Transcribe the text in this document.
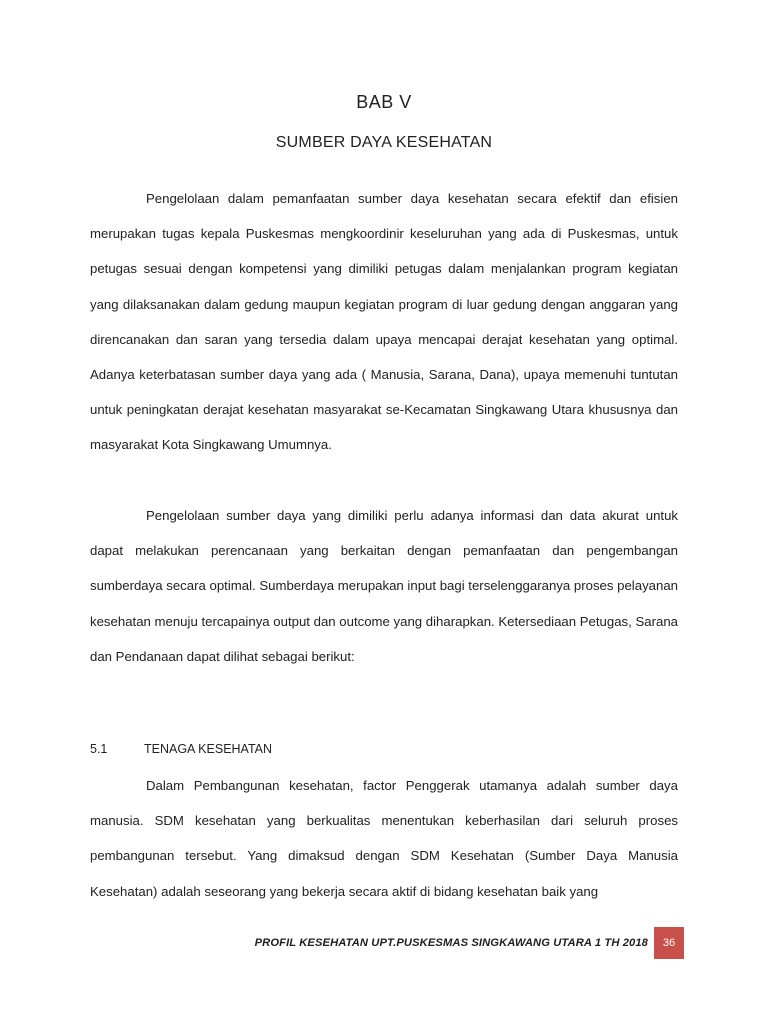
BAB V
SUMBER DAYA KESEHATAN

Pengelolaan dalam pemanfaatan sumber daya kesehatan secara efektif dan efisien merupakan tugas kepala Puskesmas mengkoordinir keseluruhan yang ada di Puskesmas, untuk petugas sesuai dengan kompetensi yang dimiliki petugas dalam menjalankan program kegiatan yang dilaksanakan dalam gedung maupun kegiatan program di luar gedung dengan anggaran yang direncanakan dan saran yang tersedia dalam upaya mencapai derajat kesehatan yang optimal. Adanya keterbatasan sumber daya yang ada ( Manusia, Sarana, Dana), upaya memenuhi tuntutan untuk peningkatan derajat kesehatan masyarakat se-Kecamatan Singkawang Utara khususnya dan masyarakat Kota Singkawang Umumnya.

Pengelolaan sumber daya yang dimiliki perlu adanya informasi dan data akurat untuk dapat melakukan perencanaan yang berkaitan dengan pemanfaatan dan pengembangan sumberdaya secara optimal. Sumberdaya merupakan input bagi terselenggaranya proses pelayanan kesehatan menuju tercapainya output dan outcome yang diharapkan. Ketersediaan Petugas, Sarana dan Pendanaan dapat dilihat sebagai berikut:

5.1	TENAGA KESEHATAN

Dalam Pembangunan kesehatan, factor Penggerak utamanya adalah sumber daya manusia. SDM kesehatan yang berkualitas menentukan keberhasilan dari seluruh proses pembangunan tersebut. Yang dimaksud dengan SDM Kesehatan (Sumber Daya Manusia Kesehatan) adalah seseorang yang bekerja secara aktif di bidang kesehatan baik yang

PROFIL KESEHATAN UPT.PUSKESMAS SINGKAWANG UTARA 1 TH 2018	36
